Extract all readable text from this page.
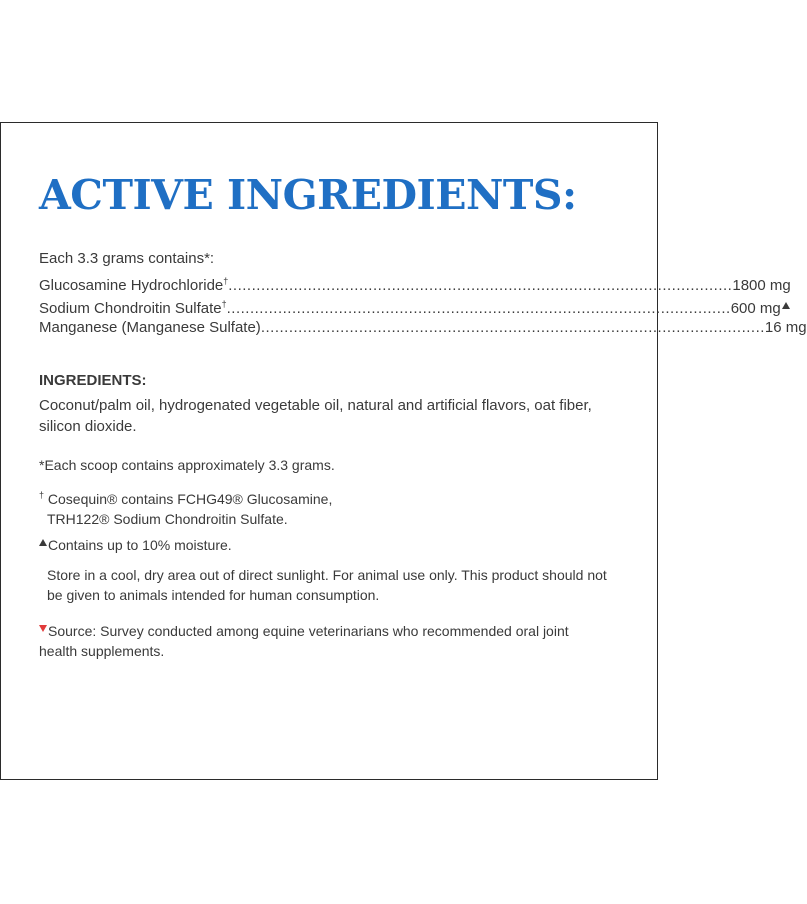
ACTIVE INGREDIENTS:
Each 3.3 grams contains*:
Glucosamine Hydrochloride† ............................................................................................................ 1800 mg
Sodium Chondroitin Sulfate† ............................................................................................................ 600 mg
Manganese (Manganese Sulfate) ............................................................................................................ 16 mg
INGREDIENTS:
Coconut/palm oil, hydrogenated vegetable oil, natural and artificial flavors, oat fiber, silicon dioxide.
*Each scoop contains approximately 3.3 grams.
† Cosequin® contains FCHG49® Glucosamine,
TRH122® Sodium Chondroitin Sulfate.
Contains up to 10% moisture.
Store in a cool, dry area out of direct sunlight. For animal use only. This product should not be given to animals intended for human consumption.
Source: Survey conducted among equine veterinarians who recommended oral joint health supplements.
